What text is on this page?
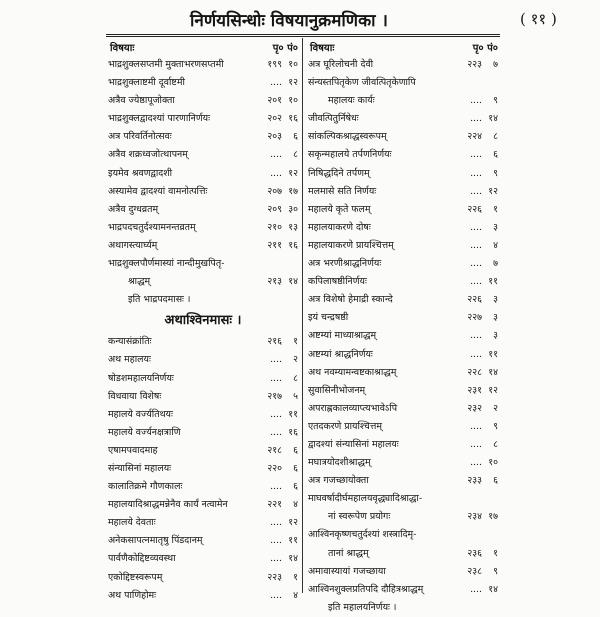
निर्णयसिन्धोः विषयानुक्रमणिका ।	( ११ )
विषयाः	पृ० पं०
भाद्रशुक्लसप्तमी मुक्ताभरणसप्तमी	१९९ १०
भाद्रशुक्लाष्टमी दूर्वाष्टमी	.... १२
अत्रैव ज्येष्ठापूजोक्ता	२०१ १०
भाद्रशुक्लद्वादश्यां पारणानिर्णयः	२०२ १६
अत्र परिवर्तिनोत्सवः	२०३ ६
अत्रैव शक्रध्वजोत्थापनम्	.... ८
इयमेव श्रवणद्वादशी	.... १२
अस्यामेव द्वादश्यां वामनोत्पत्तिः	२०७ १७
अत्रैव दुग्धव्रतम्	२०९ ३०
भाद्रपदचतुर्दश्यामनन्तव्रतम्	२१० १३
अथागस्त्यार्घ्यम्	२११ १६
भाद्रशुक्लपौर्णमास्यां नान्दीमुखपितृ-
श्राद्धम्	२१३ १४
इति भाद्रपदमासः ।
अथाश्विनमासः ।
कन्यासंक्रांतिः	२१६ १
अथ महालयः	.... २
षोडशमहालयनिर्णयः	.... ८
विधवाया विशेषः	२१७ ५
महालये वर्ज्यतिथयः	.... ११
महालये वर्ज्यनक्षत्राणि	.... १६
एषामपवादमाह	२१८ ६
संन्यासिनां महालयः	२२० ६
कालातिक्रमे गौणकालः	.... ६
महालयादिश्राद्धमन्नेनैव कार्यं नत्वामेन	२२१ ४
महालये देवताः	.... १२
अनेकसापत्नमातृषु पिंडदानम्	.... ११
पार्वणैकोद्दिष्टव्यवस्था	.... १४
एकोद्दिष्टस्वरूपम्	२२३ १
अथ पाणिहोमः	.... ४
विषयाः	पृ० पं०
अत्र घूरिलोचनी देवी	२२३ ७
संन्यस्तपितृकेण जीवत्पितृकेणापि
महालयः कार्यः	.... ९
जीवत्पितुर्निषेधः	.... १४
सांकल्पिकश्राद्धस्वरूपम्	२२४ ८
सकृन्महालये तर्पणनिर्णयः	.... ६
निषिद्धदिने तर्पणम्	.... ९
मलमासे सति निर्णयः	.... १२
महालये कृते फलम्	२२६ १
महालयाकरणे दोषः	.... ३
महालयाकरणे प्रायश्चित्तम्	.... ४
अत्र भरणीश्राद्धनिर्णयः	.... ७
कपिलाषष्ठीनिर्णयः	.... ११
अत्र विशेषो हेमाद्री स्कान्दे	२२६ ३
इयं चन्द्रषष्ठी	२२७ ३
अष्टम्यां माध्याश्राद्धम्	.... ३
अष्टम्यां श्राद्धनिर्णयः	.... ११
अथ नवम्यामन्वष्टकाश्राद्धम्	२२८ १४
सुवासिनीभोजनम्	२३१ १२
अपराह्णकालव्याप्त्यभावेऽपि	२३२ २
एतदकरणे प्रायश्चित्तम्	.... ९
द्वादश्यां संन्यासिनां महालयः	.... ८
मघात्रयोदशीश्राद्धम्	.... १०
अत्र गजच्छायोक्ता	२३३ ६
माघवर्षादीर्घमहालयवृद्ध्यादिश्राद्धा-
नां स्वरूपेण प्रयोगः	२३४ १७
आश्विनकृष्णचतुर्दश्यां शस्त्रादिमृ-
तानां श्राद्धम्	२३६ १
अमावास्यायां गजच्छाया	२३८ ९
आश्विनशुक्लप्रतिपदि दौहित्रश्राद्धम्	.... १४
इति महालयनिर्णयः ।
